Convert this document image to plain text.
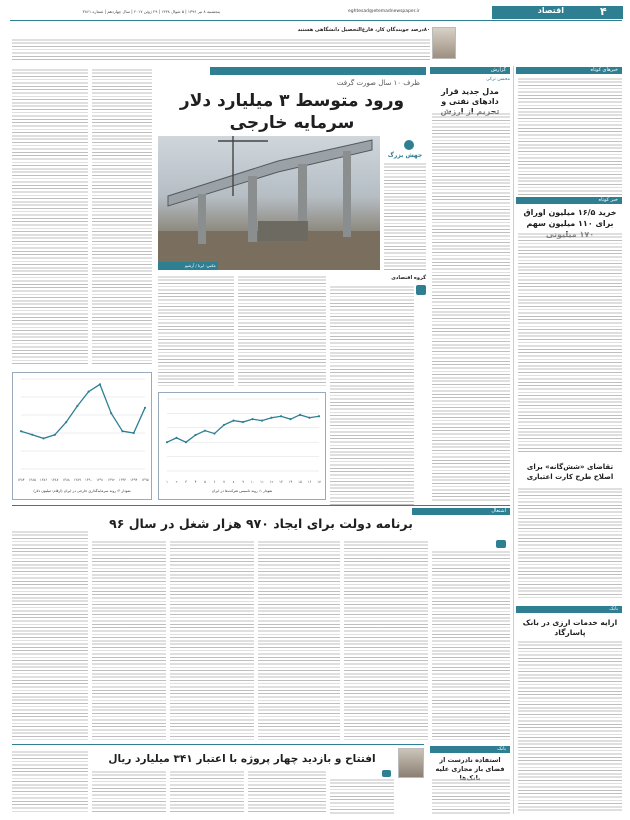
۴
اقتصاد
eghtesad@etemadnewspaper.ir
پنجشنبه ۸ تیر ۱۳۹۶ | ۵ شوال ۱۴۳۸ | ۲۹ ژوئن ۲۰۱۷ | سال چهاردهم | شماره ۳۸۶۱
۸۰درصد جویندگان کار، فارغ‌التحصیل دانشگاهی هستند
خبرهای کوتاه
خبر کوتاه
خرید ۱۶/۵ میلیون اوراق برای ۱۱۰ میلیون سهم
تقاضای «شش‌گانه» برای اصلاح طرح کارت اعتباری
بانک
ارایه خدمات ارزی در بانک پاسارگاد
گزارش
محسن ترکی
مدل جدید قرار دادهای نفتی و
ظرف ۱۰ سال صورت گرفت
ورود متوسط ۳ میلیارد دلار سرمایه خارجی
عکس: ایرنا / آرشیو
جهش بزرگ
گروه اقتصادی
۱۳۸۴ ۱۳۸۵ ۱۳۸۶ ۱۳۸۷ ۱۳۸۸ ۱۳۸۹ ۱۳۹۰ ۱۳۹۱ ۱۳۹۲ ۱۳۹۳ ۱۳۹۴ ۱۳۹۵
نمودار ۲: روند سرمایه‌گذاری خارجی در ایران (ارقام: میلیون دلار)
۱ ۲ ۳ ۴ ۵ ۶ ۷ ۸ ۹ ۱۰ ۱۱ ۱۲ ۱۳ ۱۴ ۱۵ ۱۶ ۱۷
نمودار ۱: روند تاسیس شرکت‌ها در ایران
اشتغال
برنامه دولت برای ایجاد ۹۷۰ هزار شغل در سال ۹۶
بانک
استفاده نادرست از فضای باز مجازی علیه
افتتاح و بازدید چهار پروژه با اعتبار ۳۴۱ میلیارد ریال
